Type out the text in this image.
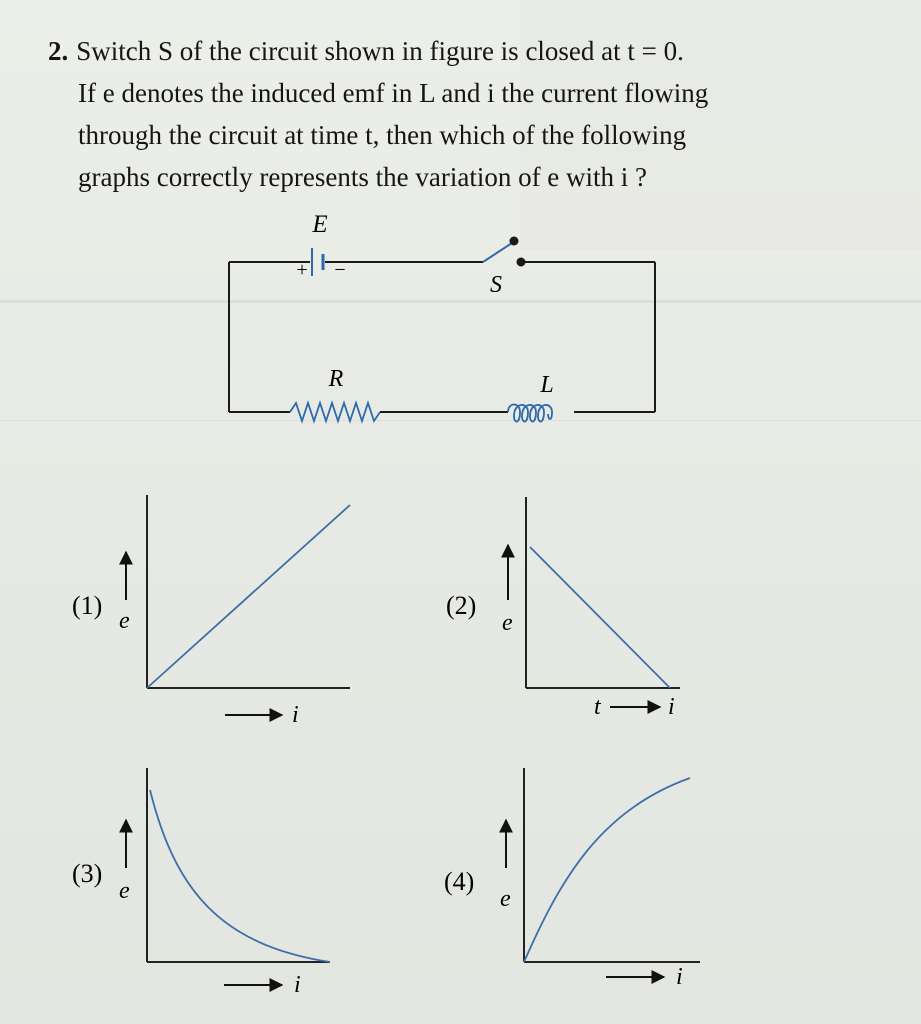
2. Switch S of the circuit shown in figure is closed at t = 0.

If e denotes the induced emf in L and i the current flowing

through the circuit at time t, then which of the following

graphs correctly represents the variation of e with i ?

E
+ −
S
R	L
(1)
e
i
(2)
e
t	i
(3)
e
i
(4)
e
i
